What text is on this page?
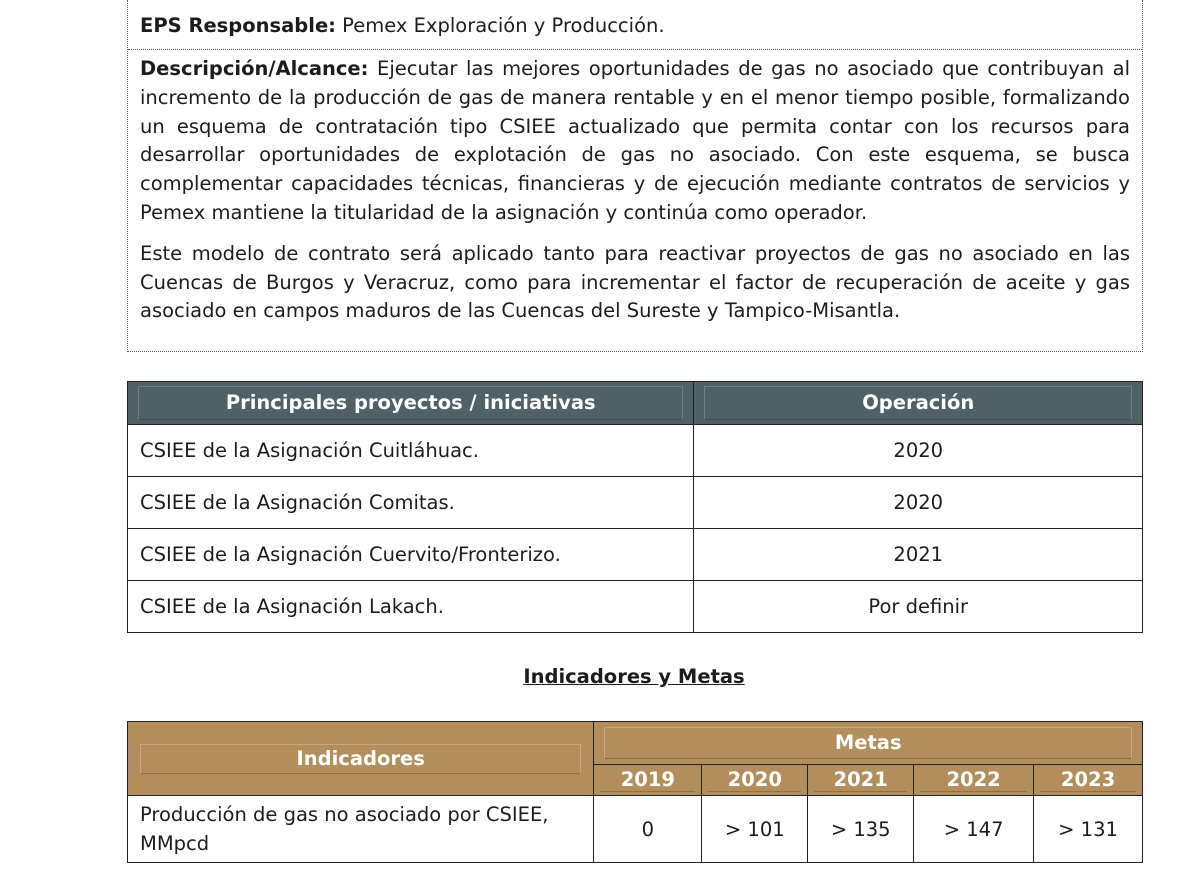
EPS Responsable: Pemex Exploración y Producción.

Descripción/Alcance: Ejecutar las mejores oportunidades de gas no asociado que contribuyan al incremento de la producción de gas de manera rentable y en el menor tiempo posible, formalizando un esquema de contratación tipo CSIEE actualizado que permita contar con los recursos para desarrollar oportunidades de explotación de gas no asociado. Con este esquema, se busca complementar capacidades técnicas, financieras y de ejecución mediante contratos de servicios y Pemex mantiene la titularidad de la asignación y continúa como operador.

Este modelo de contrato será aplicado tanto para reactivar proyectos de gas no asociado en las Cuencas de Burgos y Veracruz, como para incrementar el factor de recuperación de aceite y gas asociado en campos maduros de las Cuencas del Sureste y Tampico-Misantla.

Principales proyectos / iniciativas	Operación

CSIEE de la Asignación Cuitláhuac.	2020
CSIEE de la Asignación Comitas.	2020
CSIEE de la Asignación Cuervito/Fronterizo.	2021
CSIEE de la Asignación Lakach.	Por definir
Indicadores y Metas
Indicadores	Metas				

	2019	2020	2021	2022	2023

Producción de gas no asociado por CSIEE, MMpcd	0	> 101	> 135	> 147	> 131
